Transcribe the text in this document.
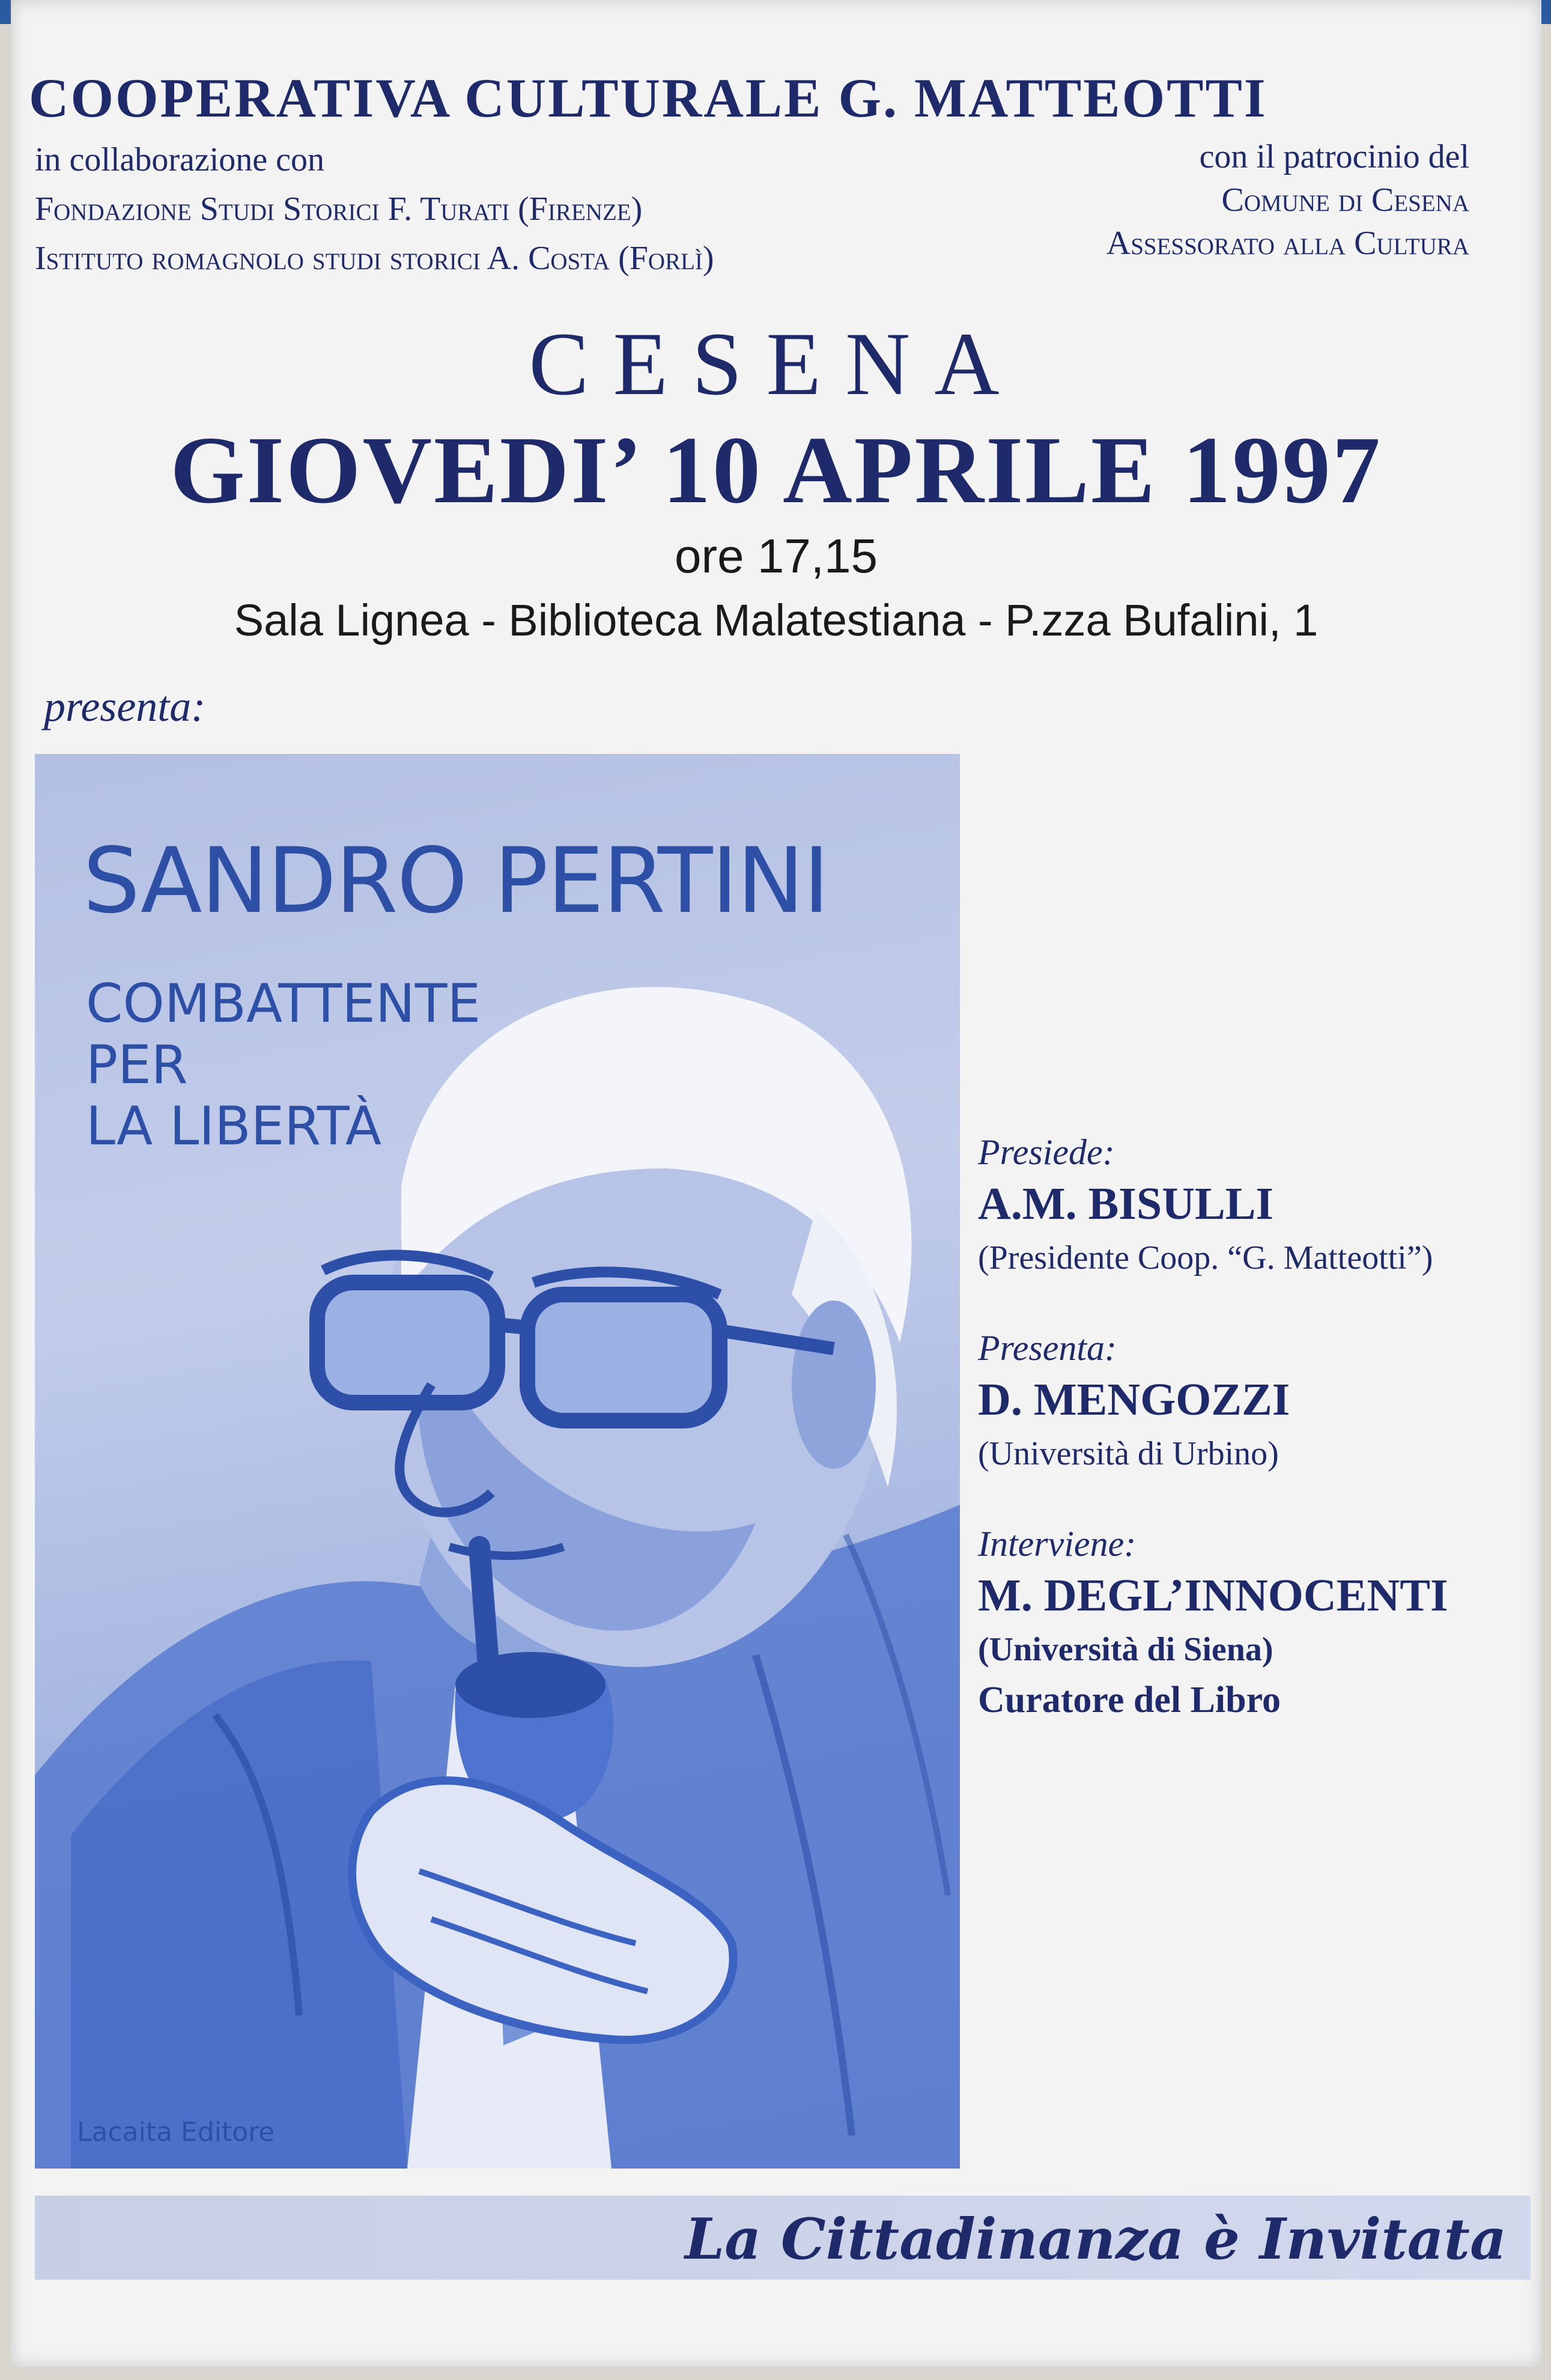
COOPERATIVA CULTURALE G. MATTEOTTI
in collaborazione con
Fondazione Studi Storici F. Turati (Firenze)
Istituto romagnolo studi storici A. Costa (Forlì)
con il patrocinio del
Comune di Cesena
Assessorato alla Cultura
CESENA
GIOVEDI’ 10 APRILE 1997
ore 17,15
Sala Lignea - Biblioteca Malatestiana - P.zza Bufalini, 1
presenta:
SANDRO PERTINI
COMBATTENTE
PER
LA LIBERTÀ
Lacaita Editore
Presiede:
A.M. BISULLI
(Presidente Coop. “G. Matteotti”)
Presenta:
D. MENGOZZI
(Università di Urbino)
Interviene:
M. DEGL’INNOCENTI
(Università di Siena)
Curatore del Libro
La Cittadinanza è Invitata
